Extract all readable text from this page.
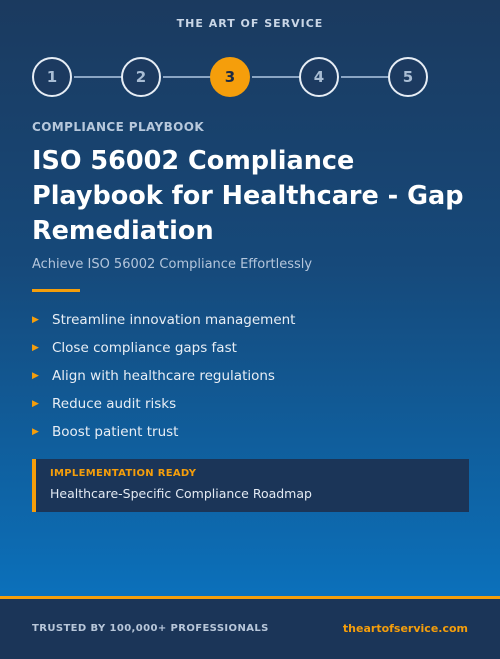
THE ART OF SERVICE
1	2	3	4	5
COMPLIANCE PLAYBOOK
ISO 56002 Compliance Playbook for Healthcare - Gap Remediation
Achieve ISO 56002 Compliance Effortlessly
▶ Streamline innovation management
▶ Close compliance gaps fast
▶ Align with healthcare regulations
▶ Reduce audit risks
▶ Boost patient trust
IMPLEMENTATION READY
Healthcare-Specific Compliance Roadmap
TRUSTED BY 100,000+ PROFESSIONALS	theartofservice.com
